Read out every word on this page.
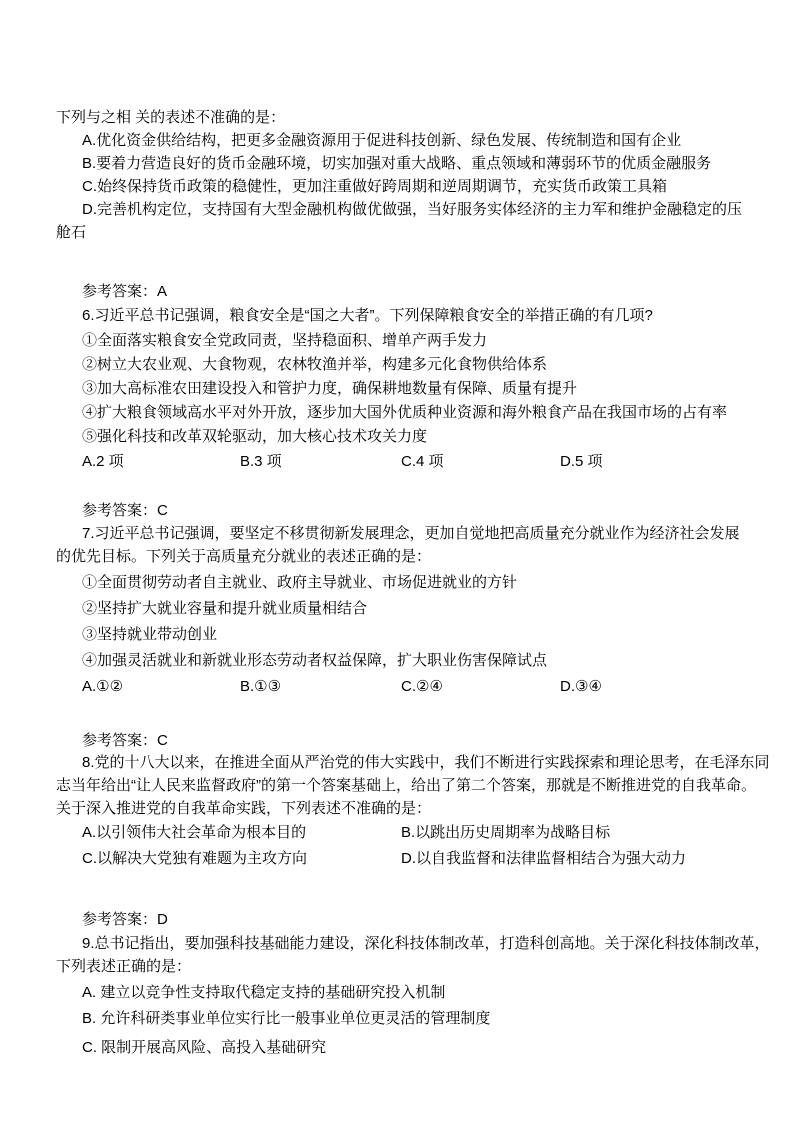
下列与之相 关的表述不准确的是：
A.优化资金供给结构，把更多金融资源用于促进科技创新、绿色发展、传统制造和国有企业
B.要着力营造良好的货币金融环境，切实加强对重大战略、重点领域和薄弱环节的优质金融服务
C.始终保持货币政策的稳健性，更加注重做好跨周期和逆周期调节，充实货币政策工具箱
D.完善机构定位，支持国有大型金融机构做优做强，当好服务实体经济的主力军和维护金融稳定的压
舱石
参考答案：A
6.习近平总书记强调，粮食安全是“国之大者”。下列保障粮食安全的举措正确的有几项?
①全面落实粮食安全党政同责，坚持稳面积、增单产两手发力
②树立大农业观、大食物观，农林牧渔并举，构建多元化食物供给体系
③加大高标准农田建设投入和管护力度，确保耕地数量有保障、质量有提升
④扩大粮食领域高水平对外开放，逐步加大国外优质种业资源和海外粮食产品在我国市场的占有率
⑤强化科技和改革双轮驱动，加大核心技术攻关力度

A.2 项

	B.3 项

	C.4 项

	D.5 项

参考答案：C
7.习近平总书记强调，要坚定不移贯彻新发展理念，更加自觉地把高质量充分就业作为经济社会发展
的优先目标。下列关于高质量充分就业的表述正确的是：
①全面贯彻劳动者自主就业、政府主导就业、市场促进就业的方针
②坚持扩大就业容量和提升就业质量相结合
③坚持就业带动创业
④加强灵活就业和新就业形态劳动者权益保障，扩大职业伤害保障试点

A.①②

	B.①③

	C.②④

	D.③④

参考答案：C
8.党的十八大以来，在推进全面从严治党的伟大实践中，我们不断进行实践探索和理论思考，在毛泽东同
志当年给出“让人民来监督政府”的第一个答案基础上，给出了第二个答案，那就是不断推进党的自我革命。
关于深入推进党的自我革命实践，下列表述不准确的是：

A.以引领伟大社会革命为根本目的

	B.以跳出历史周期率为战略目标

C.以解决大党独有难题为主攻方向

	D.以自我监督和法律监督相结合为强大动力

参考答案：D
9.总书记指出，要加强科技基础能力建设，深化科技体制改革，打造科创高地。关于深化科技体制改革，
下列表述正确的是：
A. 建立以竞争性支持取代稳定支持的基础研究投入机制
B. 允许科研类事业单位实行比一般事业单位更灵活的管理制度
C. 限制开展高风险、高投入基础研究
